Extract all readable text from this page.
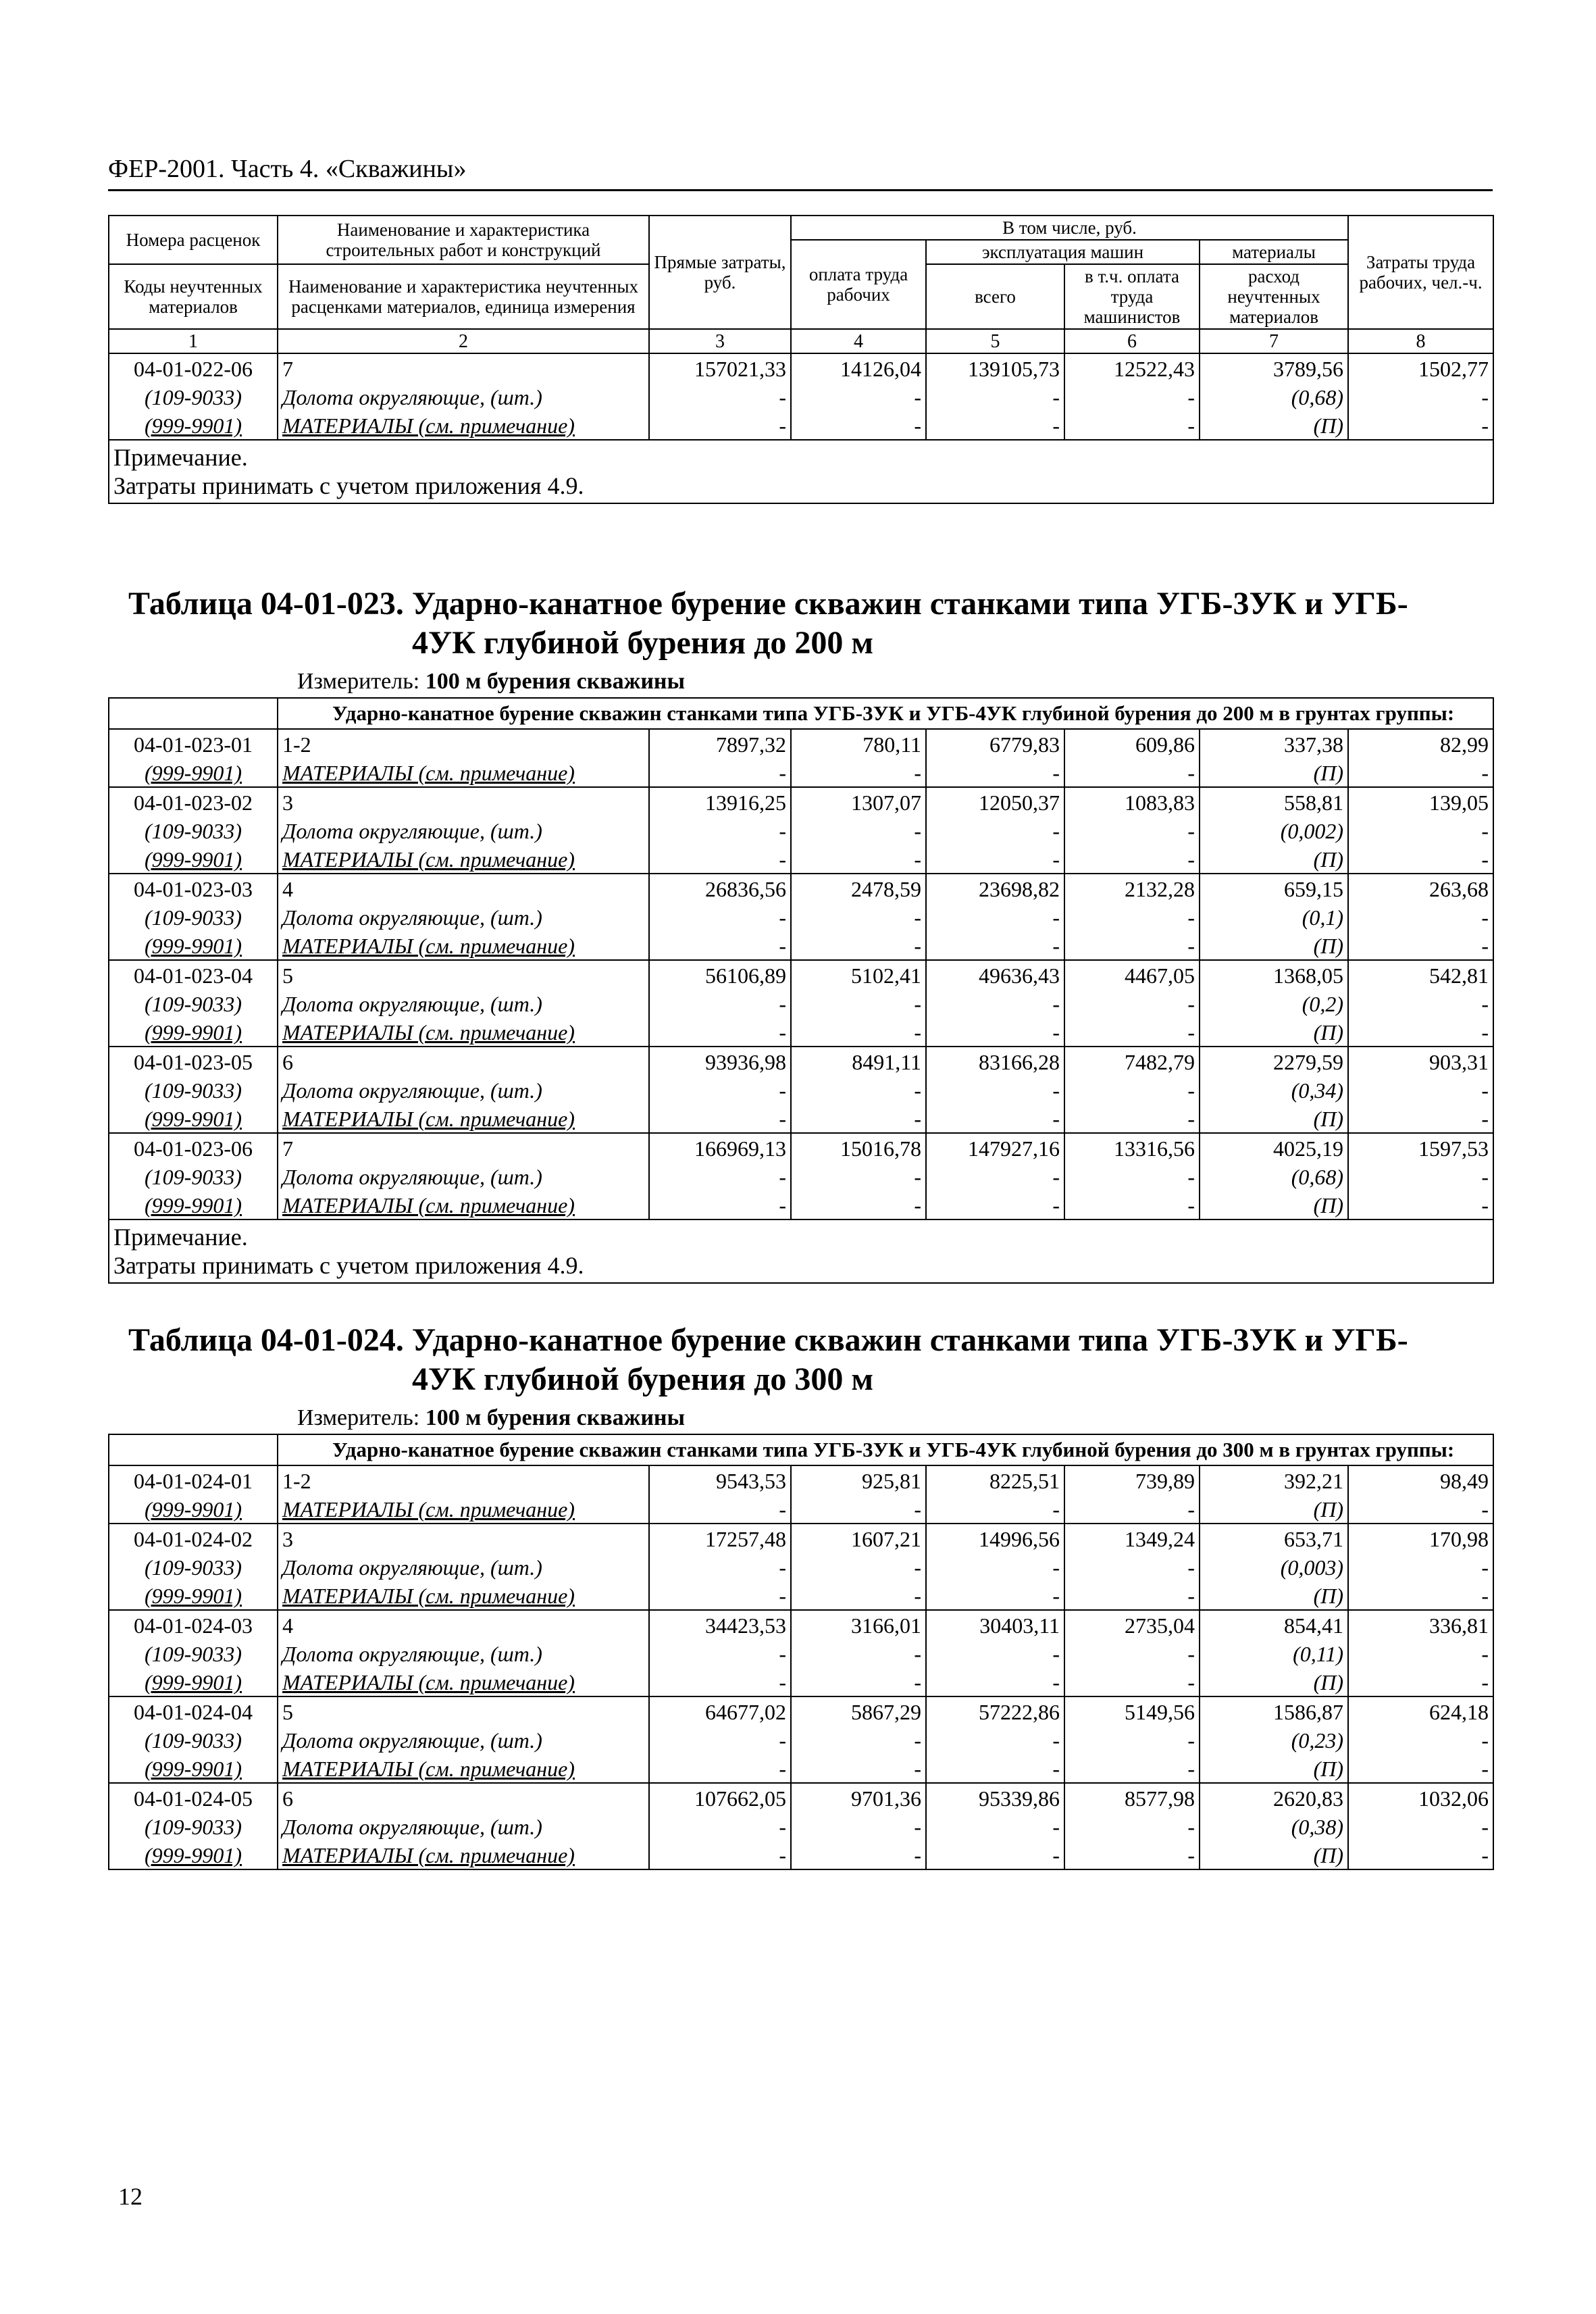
ФЕР-2001. Часть 4. «Скважины»
Номера расценок	Наименование и характеристика строительных работ и конструкций	Прямые затраты, руб.	В том числе, руб.				Затраты труда рабочих, чел.-ч.
			оплата труда рабочих	эксплуатация машин		материалы	
Коды неучтенных материалов	Наименование и характеристика неучтенных расценками материалов, единица измерения			всего	в т.ч. оплата труда машинистов	расход неучтенных материалов	

1	2	3	4	5	6	7	8
04-01-022-06	7	157021,33	14126,04	139105,73	12522,43	3789,56	1502,77
(109-9033)	Долота округляющие, (шт.)	-	-	-	-	(0,68)	-
(999-9901)	МАТЕРИАЛЫ (см. примечание)	-	-	-	-	(П)	-

Примечание.
Затраты принимать с учетом приложения 4.9.							
Таблица 04-01-023. Ударно-канатное бурение скважин станками типа УГБ-3УК и УГБ-
4УК глубиной бурения до 200 м
Измеритель: 100 м бурения скважины
	Ударно-канатное бурение скважин станками типа УГБ-3УК и УГБ-4УК глубиной бурения до 200 м в грунтах группы:						
04-01-023-01	1-2	7897,32	780,11	6779,83	609,86	337,38	82,99
(999-9901)	МАТЕРИАЛЫ (см. примечание)	-	-	-	-	(П)	-
04-01-023-02	3	13916,25	1307,07	12050,37	1083,83	558,81	139,05
(109-9033)	Долота округляющие, (шт.)	-	-	-	-	(0,002)	-
(999-9901)	МАТЕРИАЛЫ (см. примечание)	-	-	-	-	(П)	-
04-01-023-03	4	26836,56	2478,59	23698,82	2132,28	659,15	263,68
(109-9033)	Долота округляющие, (шт.)	-	-	-	-	(0,1)	-
(999-9901)	МАТЕРИАЛЫ (см. примечание)	-	-	-	-	(П)	-
04-01-023-04	5	56106,89	5102,41	49636,43	4467,05	1368,05	542,81
(109-9033)	Долота округляющие, (шт.)	-	-	-	-	(0,2)	-
(999-9901)	МАТЕРИАЛЫ (см. примечание)	-	-	-	-	(П)	-
04-01-023-05	6	93936,98	8491,11	83166,28	7482,79	2279,59	903,31
(109-9033)	Долота округляющие, (шт.)	-	-	-	-	(0,34)	-
(999-9901)	МАТЕРИАЛЫ (см. примечание)	-	-	-	-	(П)	-
04-01-023-06	7	166969,13	15016,78	147927,16	13316,56	4025,19	1597,53
(109-9033)	Долота округляющие, (шт.)	-	-	-	-	(0,68)	-
(999-9901)	МАТЕРИАЛЫ (см. примечание)	-	-	-	-	(П)	-

Примечание.
Затраты принимать с учетом приложения 4.9.							
Таблица 04-01-024. Ударно-канатное бурение скважин станками типа УГБ-3УК и УГБ-
4УК глубиной бурения до 300 м
Измеритель: 100 м бурения скважины
	Ударно-канатное бурение скважин станками типа УГБ-3УК и УГБ-4УК глубиной бурения до 300 м в грунтах группы:						
04-01-024-01	1-2	9543,53	925,81	8225,51	739,89	392,21	98,49
(999-9901)	МАТЕРИАЛЫ (см. примечание)	-	-	-	-	(П)	-
04-01-024-02	3	17257,48	1607,21	14996,56	1349,24	653,71	170,98
(109-9033)	Долота округляющие, (шт.)	-	-	-	-	(0,003)	-
(999-9901)	МАТЕРИАЛЫ (см. примечание)	-	-	-	-	(П)	-
04-01-024-03	4	34423,53	3166,01	30403,11	2735,04	854,41	336,81
(109-9033)	Долота округляющие, (шт.)	-	-	-	-	(0,11)	-
(999-9901)	МАТЕРИАЛЫ (см. примечание)	-	-	-	-	(П)	-
04-01-024-04	5	64677,02	5867,29	57222,86	5149,56	1586,87	624,18
(109-9033)	Долота округляющие, (шт.)	-	-	-	-	(0,23)	-
(999-9901)	МАТЕРИАЛЫ (см. примечание)	-	-	-	-	(П)	-
04-01-024-05	6	107662,05	9701,36	95339,86	8577,98	2620,83	1032,06
(109-9033)	Долота округляющие, (шт.)	-	-	-	-	(0,38)	-
(999-9901)	МАТЕРИАЛЫ (см. примечание)	-	-	-	-	(П)	-
12
